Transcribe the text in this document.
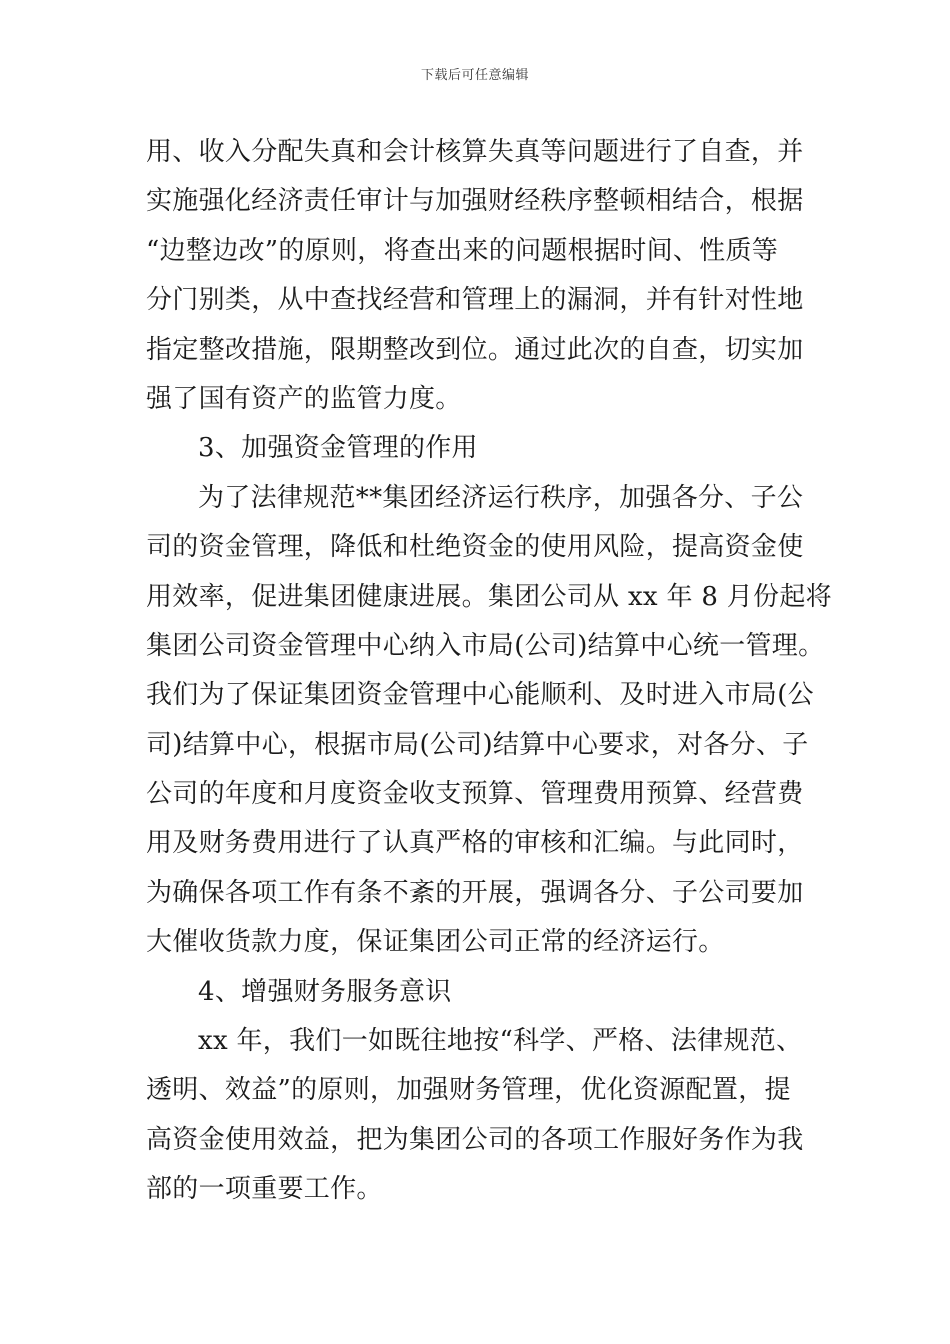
下载后可任意编辑
用、收入分配失真和会计核算失真等问题进行了自查，并
实施强化经济责任审计与加强财经秩序整顿相结合，根据
“边整边改”的原则，将查出来的问题根据时间、性质等
分门别类，从中查找经营和管理上的漏洞，并有针对性地
指定整改措施，限期整改到位。通过此次的自查，切实加
强了国有资产的监管力度。
3、加强资金管理的作用
为了法律规范**集团经济运行秩序，加强各分、子公
司的资金管理，降低和杜绝资金的使用风险，提高资金使
用效率，促进集团健康进展。集团公司从 xx 年 8 月份起将
集团公司资金管理中心纳入市局(公司)结算中心统一管理。
我们为了保证集团资金管理中心能顺利、及时进入市局(公
司)结算中心，根据市局(公司)结算中心要求，对各分、子
公司的年度和月度资金收支预算、管理费用预算、经营费
用及财务费用进行了认真严格的审核和汇编。与此同时，
为确保各项工作有条不紊的开展，强调各分、子公司要加
大催收货款力度，保证集团公司正常的经济运行。
4、增强财务服务意识
xx 年，我们一如既往地按“科学、严格、法律规范、
透明、效益”的原则，加强财务管理，优化资源配置，提
高资金使用效益，把为集团公司的各项工作服好务作为我
部的一项重要工作。
